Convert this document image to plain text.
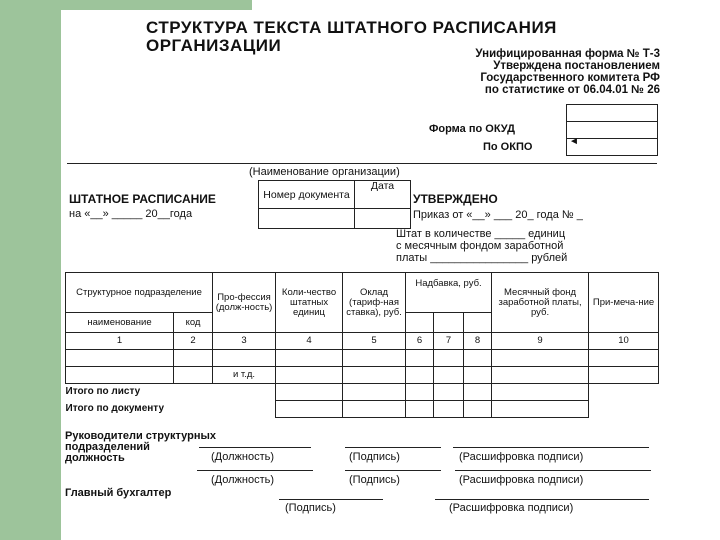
СТРУКТУРА ТЕКСТА ШТАТНОГО РАСПИСАНИЯ
ОРГАНИЗАЦИИ	Унифицированная форма № Т-3
Утверждена постановлением
Государственного комитета РФ
по статистике от 06.04.01 № 26
Форма по ОКУД
По ОКПО	◄
(Наименование организации)
ШТАТНОЕ РАСПИСАНИЕ
на «__» _____ 20__года
Номер документа	Дата

УТВЕРЖДЕНО
Приказ от «__» ___ 20_ года № _
Штат в количестве _____ единиц
с месячным фондом заработной
платы ________________ рублей
Структурное подразделение		Про-фессия (долж-ность)	Коли-чество штатных единиц	Оклад (тариф-ная ставка), руб.	Надбавка, руб.			Месячный фонд заработной платы, руб.	При-меча-ние
наименование	код								
1	2	3	4	5	6	7	8	9	10

		и т.д.							
Итого по листу									
Итого по документу									
Руководители структурных
подразделений
должность	(Должность)	(Подпись)	(Расшифровка подписи)
(Должность)	(Подпись)	(Расшифровка подписи)
Главный бухгалтер
(Подпись)	(Расшифровка подписи)
